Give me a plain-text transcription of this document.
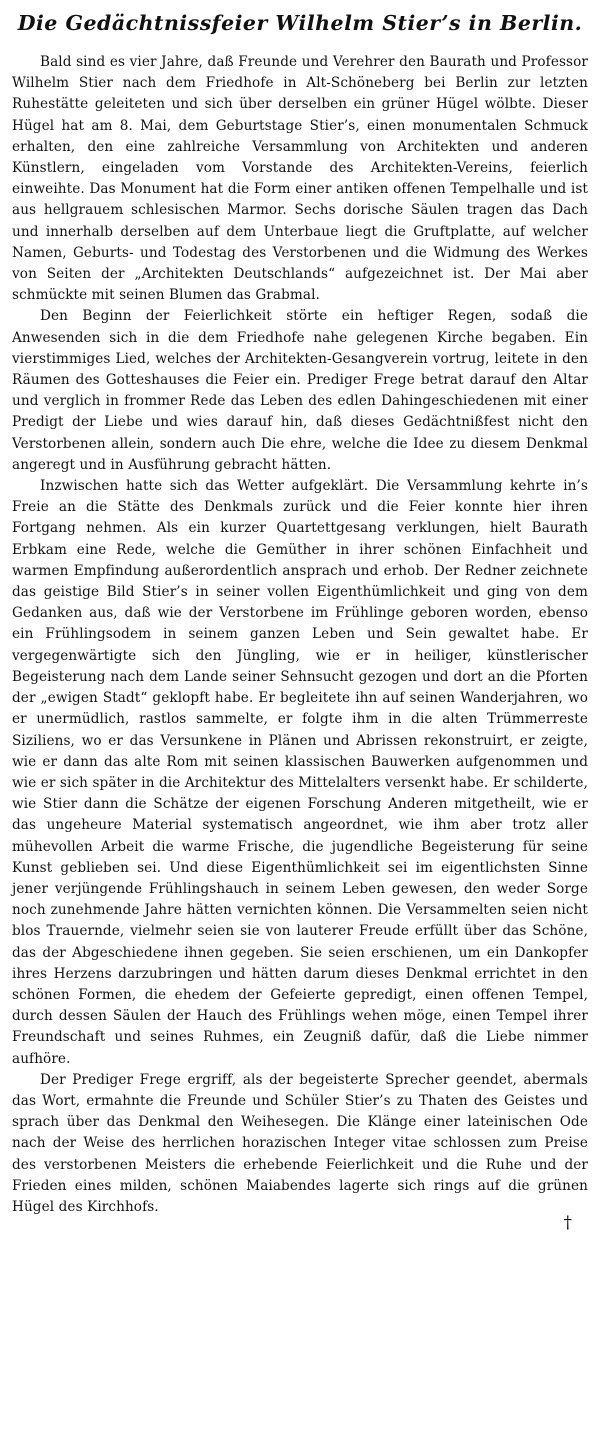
Die Gedächtnissfeier Wilhelm Stier’s in Berlin.

Bald sind es vier Jahre, daß Freunde und Verehrer den Baurath und Professor Wilhelm Stier nach dem Friedhofe in Alt-Schöneberg bei Berlin zur letzten Ruhestätte geleiteten und sich über derselben ein grüner Hügel wölbte. Dieser Hügel hat am 8. Mai, dem Geburtstage Stier’s, einen monumentalen Schmuck erhalten, den eine zahlreiche Versammlung von Architekten und anderen Künstlern, eingeladen vom Vorstande des Architekten-Vereins, feierlich einweihte. Das Monument hat die Form einer antiken offenen Tempelhalle und ist aus hellgrauem schlesischen Marmor. Sechs dorische Säulen tragen das Dach und innerhalb derselben auf dem Unterbaue liegt die Gruftplatte, auf welcher Namen, Geburts- und Todestag des Verstorbenen und die Widmung des Werkes von Seiten der „Architekten Deutschlands“ aufgezeichnet ist. Der Mai aber schmückte mit seinen Blumen das Grabmal.

Den Beginn der Feierlichkeit störte ein heftiger Regen, sodaß die Anwesenden sich in die dem Friedhofe nahe gelegenen Kirche begaben. Ein vierstimmiges Lied, welches der Architekten-Gesangverein vortrug, leitete in den Räumen des Gotteshauses die Feier ein. Prediger Frege betrat darauf den Altar und verglich in frommer Rede das Leben des edlen Dahingeschiedenen mit einer Predigt der Liebe und wies darauf hin, daß dieses Gedächtnißfest nicht den Verstorbenen allein, sondern auch Die ehre, welche die Idee zu diesem Denkmal angeregt und in Ausführung gebracht hätten.

Inzwischen hatte sich das Wetter aufgeklärt. Die Versammlung kehrte in’s Freie an die Stätte des Denkmals zurück und die Feier konnte hier ihren Fortgang nehmen. Als ein kurzer Quartettgesang verklungen, hielt Baurath Erbkam eine Rede, welche die Gemüther in ihrer schönen Einfachheit und warmen Empfindung außerordentlich ansprach und erhob. Der Redner zeichnete das geistige Bild Stier’s in seiner vollen Eigenthümlichkeit und ging von dem Gedanken aus, daß wie der Verstorbene im Frühlinge geboren worden, ebenso ein Frühlingsodem in seinem ganzen Leben und Sein gewaltet habe. Er vergegenwärtigte sich den Jüngling, wie er in heiliger, künstlerischer Begeisterung nach dem Lande seiner Sehnsucht gezogen und dort an die Pforten der „ewigen Stadt“ geklopft habe. Er begleitete ihn auf seinen Wanderjahren, wo er unermüdlich, rastlos sammelte, er folgte ihm in die alten Trümmerreste Siziliens, wo er das Versunkene in Plänen und Abrissen rekonstruirt, er zeigte, wie er dann das alte Rom mit seinen klassischen Bauwerken aufgenommen und wie er sich später in die Architektur des Mittelalters versenkt habe. Er schilderte, wie Stier dann die Schätze der eigenen Forschung Anderen mitgetheilt, wie er das ungeheure Material systematisch angeordnet, wie ihm aber trotz aller mühevollen Arbeit die warme Frische, die jugendliche Begeisterung für seine Kunst geblieben sei. Und diese Eigenthümlichkeit sei im eigentlichsten Sinne jener verjüngende Frühlingshauch in seinem Leben gewesen, den weder Sorge noch zunehmende Jahre hätten vernichten können. Die Versammelten seien nicht blos Trauernde, vielmehr seien sie von lauterer Freude erfüllt über das Schöne, das der Abgeschiedene ihnen gegeben. Sie seien erschienen, um ein Dankopfer ihres Herzens darzubringen und hätten darum dieses Denkmal errichtet in den schönen Formen, die ehedem der Gefeierte gepredigt, einen offenen Tempel, durch dessen Säulen der Hauch des Frühlings wehen möge, einen Tempel ihrer Freundschaft und seines Ruhmes, ein Zeugniß dafür, daß die Liebe nimmer aufhöre.

Der Prediger Frege ergriff, als der begeisterte Sprecher geendet, abermals das Wort, ermahnte die Freunde und Schüler Stier’s zu Thaten des Geistes und sprach über das Denkmal den Weihesegen. Die Klänge einer lateinischen Ode nach der Weise des herrlichen horazischen Integer vitae schlossen zum Preise des verstorbenen Meisters die erhebende Feierlichkeit und die Ruhe und der Frieden eines milden, schönen Maiabendes lagerte sich rings auf die grünen Hügel des Kirchhofs.

†
